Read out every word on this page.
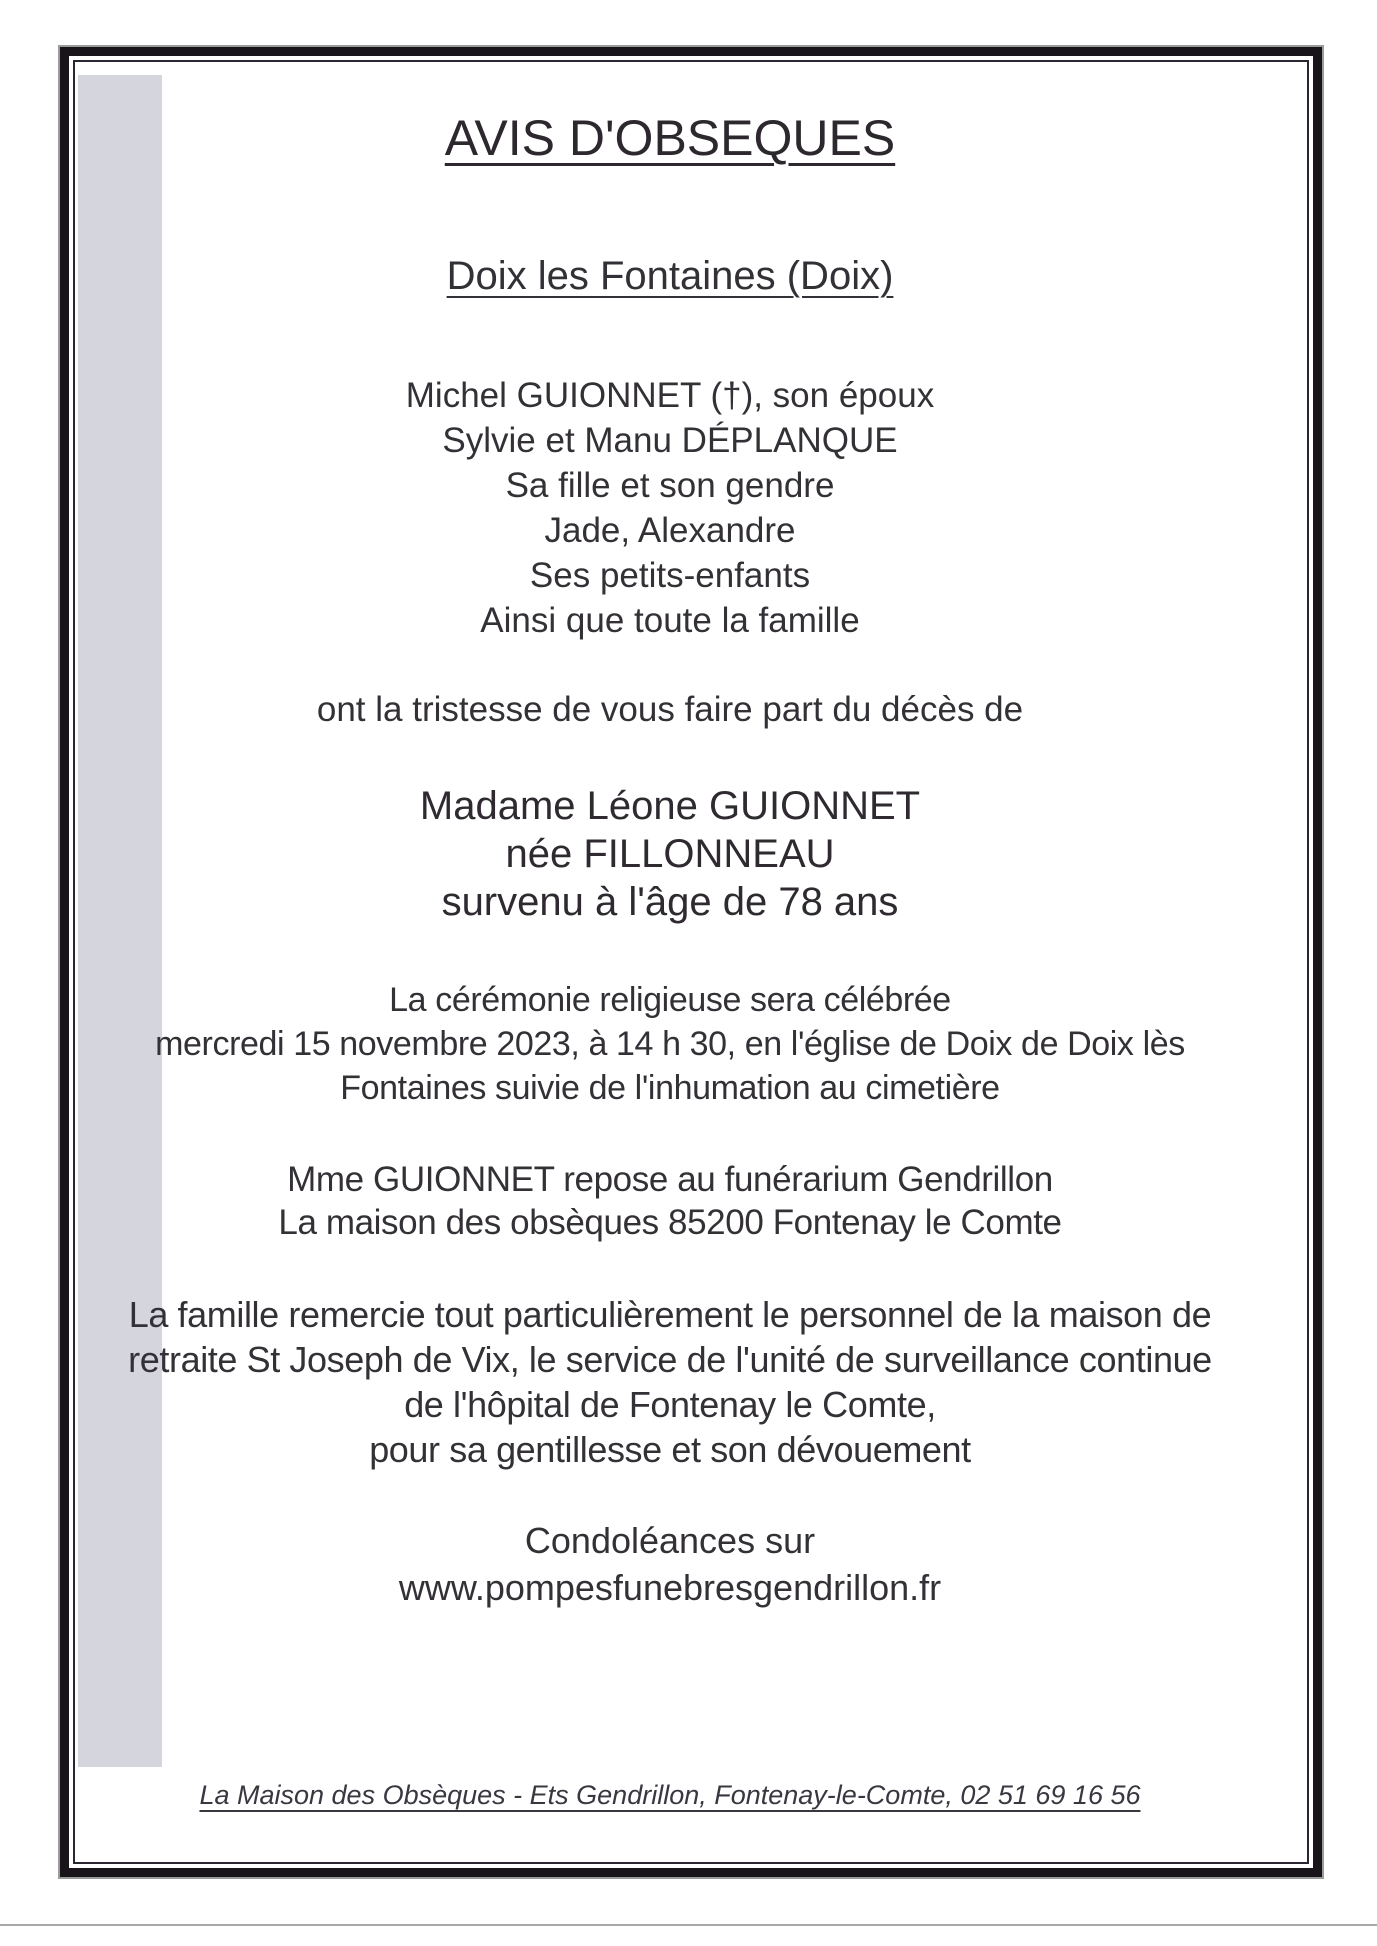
AVIS D'OBSEQUES
Doix les Fontaines (Doix)
Michel GUIONNET (†), son époux
Sylvie et Manu DÉPLANQUE
Sa fille et son gendre
Jade, Alexandre
Ses petits-enfants
Ainsi que toute la famille
ont la tristesse de vous faire part du décès de
Madame Léone GUIONNET
née FILLONNEAU
survenu à l'âge de 78 ans
La cérémonie religieuse sera célébrée
mercredi 15 novembre 2023, à 14 h 30, en l'église de Doix de Doix lès
Fontaines suivie de l'inhumation au cimetière
Mme GUIONNET repose au funérarium Gendrillon
La maison des obsèques 85200 Fontenay le Comte
La famille remercie tout particulièrement le personnel de la maison de
retraite St Joseph de Vix, le service de l'unité de surveillance continue
de l'hôpital de Fontenay le Comte,
pour sa gentillesse et son dévouement
Condoléances sur
www.pompesfunebresgendrillon.fr
La Maison des Obsèques - Ets Gendrillon, Fontenay-le-Comte, 02 51 69 16 56
